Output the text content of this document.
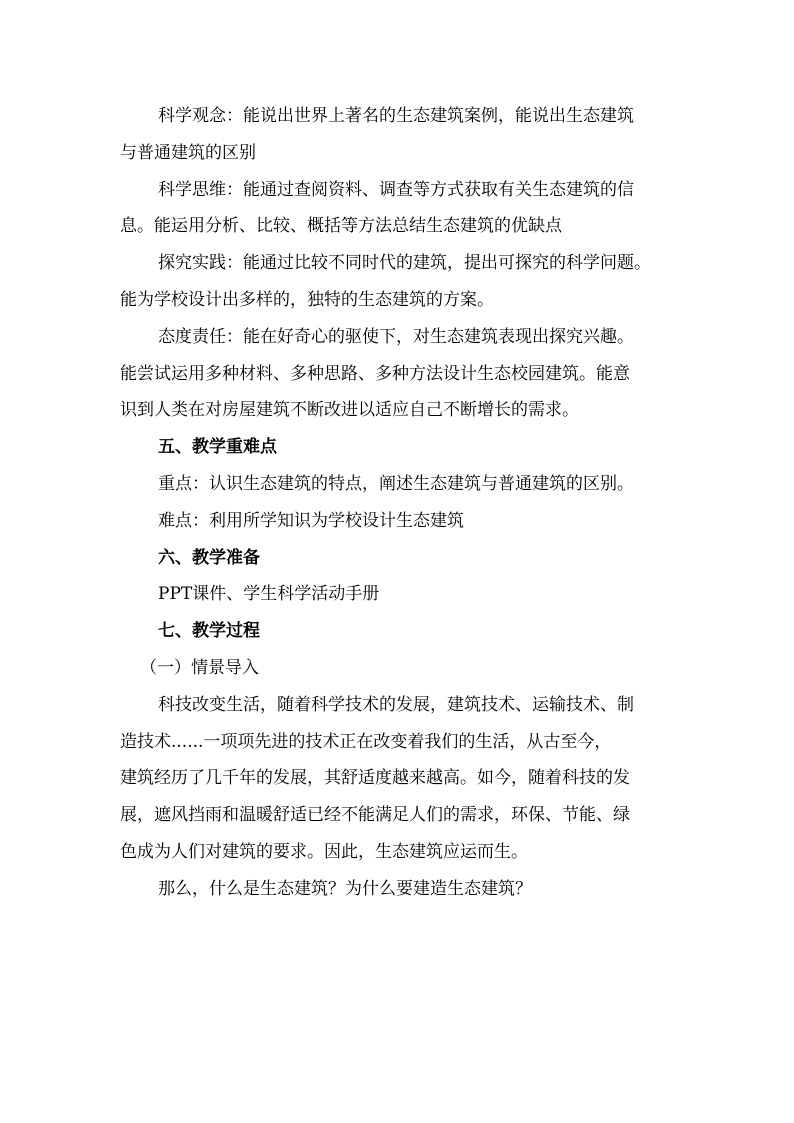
科学观念：能说出世界上著名的生态建筑案例，能说出生态建筑

与普通建筑的区别

科学思维：能通过查阅资料、调查等方式获取有关生态建筑的信

息。能运用分析、比较、概括等方法总结生态建筑的优缺点

探究实践：能通过比较不同时代的建筑，提出可探究的科学问题。

能为学校设计出多样的，独特的生态建筑的方案。

态度责任：能在好奇心的驱使下，对生态建筑表现出探究兴趣。

能尝试运用多种材料、多种思路、多种方法设计生态校园建筑。能意

识到人类在对房屋建筑不断改进以适应自己不断增长的需求。

五、教学重难点

重点：认识生态建筑的特点，阐述生态建筑与普通建筑的区别。

难点：利用所学知识为学校设计生态建筑

六、教学准备

PPT课件、学生科学活动手册

七、教学过程

（一）情景导入

科技改变生活，随着科学技术的发展，建筑技术、运输技术、制

造技术......一项项先进的技术正在改变着我们的生活，从古至今，

建筑经历了几千年的发展，其舒适度越来越高。如今，随着科技的发

展，遮风挡雨和温暖舒适已经不能满足人们的需求，环保、节能、绿

色成为人们对建筑的要求。因此，生态建筑应运而生。

那么，什么是生态建筑？为什么要建造生态建筑？
